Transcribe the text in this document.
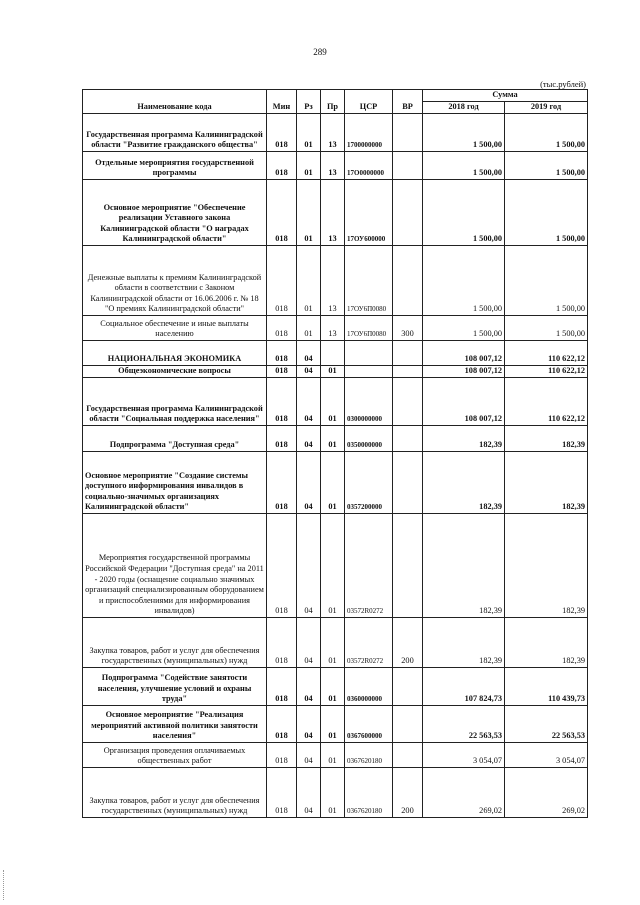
289
(тыс.рублей)
Наименование кода	Мин	Рз	Пр	ЦСР	ВР	Сумма	
						2018 год	2019 год
Государственная программа Калининградской области "Развитие гражданского общества"	018	01	13	1700000000		1 500,00	1 500,00
Отдельные мероприятия государственной программы	018	01	13	17О0000000		1 500,00	1 500,00
Основное мероприятие "Обеспечение реализации Уставного закона Калининградской области "О наградах Калининградской области"	018	01	13	17ОУ600000		1 500,00	1 500,00
Денежные выплаты к премиям Калининградской области в соответствии с Законом Калининградской области от 16.06.2006 г. № 18 "О премиях Калининградской области"	018	01	13	17ОУ6П0080		1 500,00	1 500,00
Социальное обеспечение и иные выплаты населению	018	01	13	17ОУ6П0080	300	1 500,00	1 500,00
НАЦИОНАЛЬНАЯ ЭКОНОМИКА	018	04				108 007,12	110 622,12
Общеэкономические вопросы	018	04	01			108 007,12	110 622,12
Государственная программа Калининградской области "Социальная поддержка населения"	018	04	01	0300000000		108 007,12	110 622,12
Подпрограмма "Доступная среда"	018	04	01	0350000000		182,39	182,39
Основное мероприятие "Создание системы доступного информирования инвалидов в социально-значимых организациях Калининградской области"	018	04	01	0357200000		182,39	182,39
Мероприятия государственной программы Российской Федерации "Доступная среда" на 2011 - 2020 годы (оснащение социально значимых организаций специализированным оборудованием и приспособлениями для информирования инвалидов)	018	04	01	03572R0272		182,39	182,39
Закупка товаров, работ и услуг для обеспечения государственных (муниципальных) нужд	018	04	01	03572R0272	200	182,39	182,39
Подпрограмма "Содействие занятости населения, улучшение условий и охраны труда"	018	04	01	0360000000		107 824,73	110 439,73
Основное мероприятие "Реализация мероприятий активной политики занятости населения"	018	04	01	0367600000		22 563,53	22 563,53
Организация проведения оплачиваемых общественных работ	018	04	01	0367620180		3 054,07	3 054,07
Закупка товаров, работ и услуг для обеспечения государственных (муниципальных) нужд	018	04	01	0367620180	200	269,02	269,02
